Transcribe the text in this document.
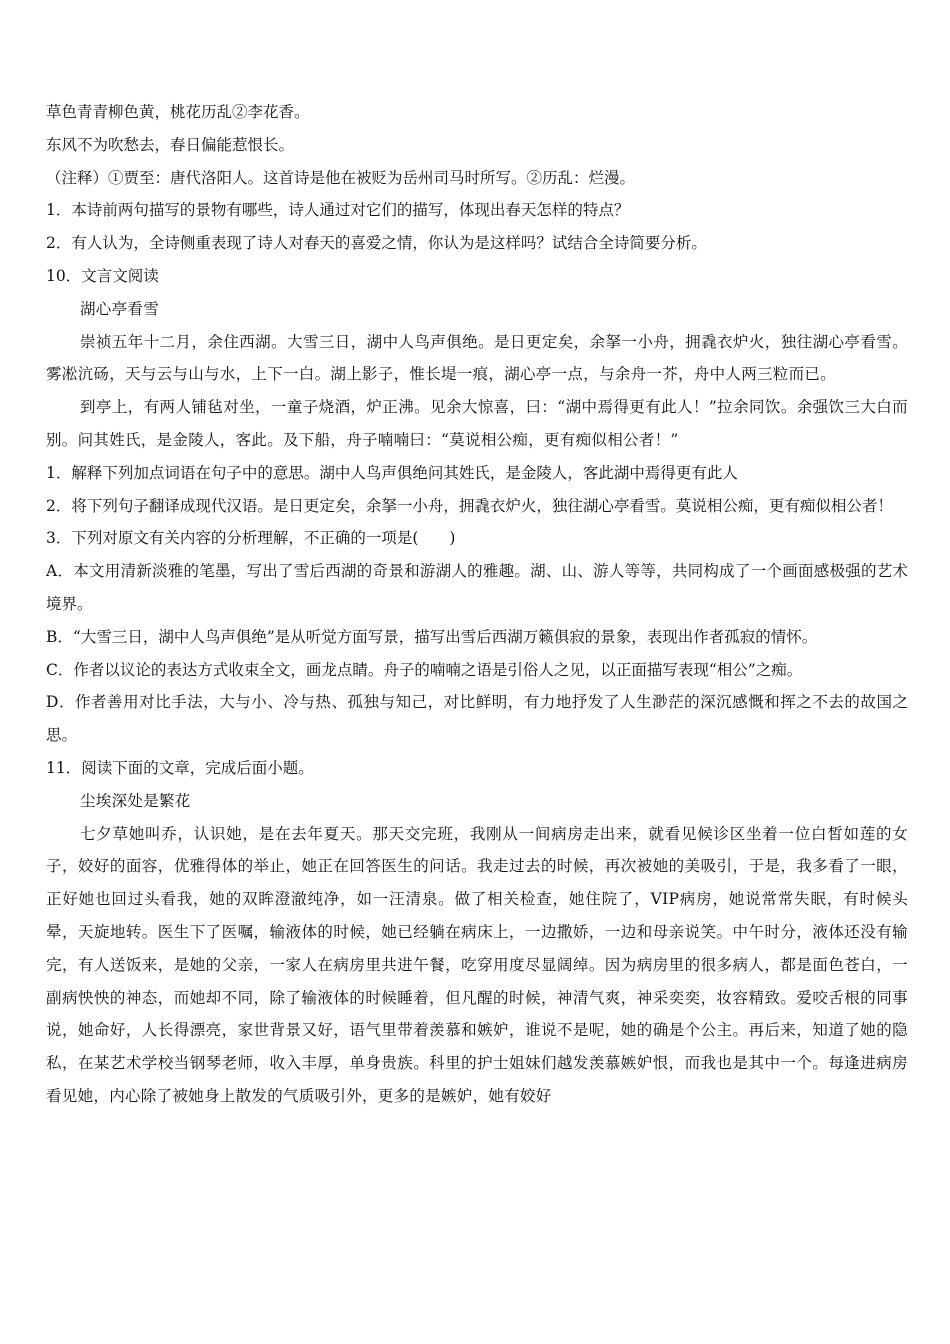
草色青青柳色黄，桃花历乱②李花香。

东风不为吹愁去，春日偏能惹恨长。

（注释）①贾至：唐代洛阳人。这首诗是他在被贬为岳州司马时所写。②历乱：烂漫。

1．本诗前两句描写的景物有哪些，诗人通过对它们的描写，体现出春天怎样的特点？

2．有人认为，全诗侧重表现了诗人对春天的喜爱之情，你认为是这样吗？试结合全诗简要分析。

10．文言文阅读

湖心亭看雪

崇祯五年十二月，余住西湖。大雪三日，湖中人鸟声俱绝。是日更定矣，余拏一小舟，拥毳衣炉火，独往湖心亭看雪。雾凇沆砀，天与云与山与水，上下一白。湖上影子，惟长堤一痕，湖心亭一点，与余舟一芥，舟中人两三粒而已。

到亭上，有两人铺毡对坐，一童子烧酒，炉正沸。见余大惊喜，曰：“湖中焉得更有此人！”拉余同饮。余强饮三大白而别。问其姓氏，是金陵人，客此。及下船，舟子喃喃曰：“莫说相公痴，更有痴似相公者！”

1．解释下列加点词语在句子中的意思。湖中人鸟声俱绝问其姓氏，是金陵人，客此湖中焉得更有此人

2．将下列句子翻译成现代汉语。是日更定矣，余拏一小舟，拥毳衣炉火，独往湖心亭看雪。莫说相公痴，更有痴似相公者！

3．下列对原文有关内容的分析理解，不正确的一项是(　　)

A．本文用清新淡雅的笔墨，写出了雪后西湖的奇景和游湖人的雅趣。湖、山、游人等等，共同构成了一个画面感极强的艺术境界。

B．“大雪三日，湖中人鸟声俱绝”是从听觉方面写景，描写出雪后西湖万籁俱寂的景象，表现出作者孤寂的情怀。

C．作者以议论的表达方式收束全文，画龙点睛。舟子的喃喃之语是引俗人之见，以正面描写表现“相公”之痴。

D．作者善用对比手法，大与小、冷与热、孤独与知己，对比鲜明，有力地抒发了人生渺茫的深沉感慨和挥之不去的故国之思。

11．阅读下面的文章，完成后面小题。

尘埃深处是繁花

七夕草她叫乔，认识她，是在去年夏天。那天交完班，我刚从一间病房走出来，就看见候诊区坐着一位白皙如莲的女子，姣好的面容，优雅得体的举止，她正在回答医生的问话。我走过去的时候，再次被她的美吸引，于是，我多看了一眼，正好她也回过头看我，她的双眸澄澈纯净，如一汪清泉。做了相关检查，她住院了，VIP病房，她说常常失眠，有时候头晕，天旋地转。医生下了医嘱，输液体的时候，她已经躺在病床上，一边撒娇，一边和母亲说笑。中午时分，液体还没有输完，有人送饭来，是她的父亲，一家人在病房里共进午餐，吃穿用度尽显阔绰。因为病房里的很多病人，都是面色苍白，一副病怏怏的神态，而她却不同，除了输液体的时候睡着，但凡醒的时候，神清气爽，神采奕奕，妆容精致。爱咬舌根的同事说，她命好，人长得漂亮，家世背景又好，语气里带着羡慕和嫉妒，谁说不是呢，她的确是个公主。再后来，知道了她的隐私，在某艺术学校当钢琴老师，收入丰厚，单身贵族。科里的护士姐妹们越发羡慕嫉妒恨，而我也是其中一个。每逢进病房看见她，内心除了被她身上散发的气质吸引外，更多的是嫉妒，她有姣好
